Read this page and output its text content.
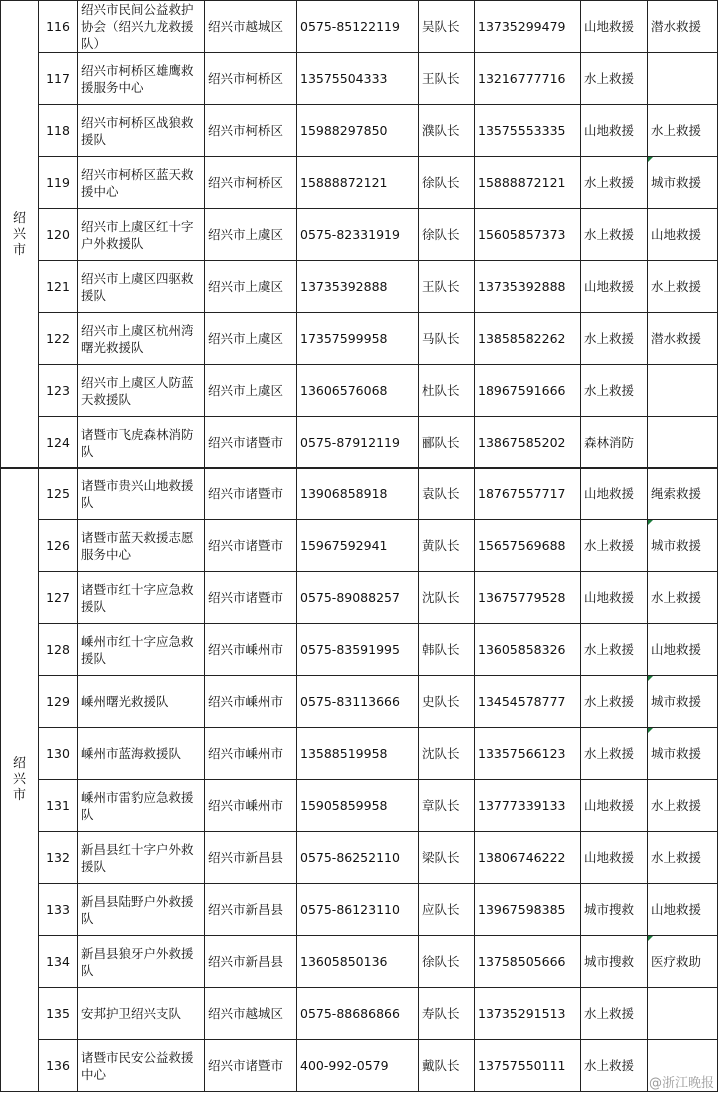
绍兴市	116	绍兴市民间公益救护协会（绍兴九龙救援队）	绍兴市越城区	0575-85122119	吴队长	13735299479	山地救援	潜水救援
	117	绍兴市柯桥区雄鹰救援服务中心	绍兴市柯桥区	13575504333	王队长	13216777716	水上救援	
	118	绍兴市柯桥区战狼救援队	绍兴市柯桥区	15988297850	濮队长	13575553335	山地救援	水上救援
	119	绍兴市柯桥区蓝天救援中心	绍兴市柯桥区	15888872121	徐队长	15888872121	水上救援	城市救援
	120	绍兴市上虞区红十字户外救援队	绍兴市上虞区	0575-82331919	徐队长	15605857373	水上救援	山地救援
	121	绍兴市上虞区四驱救援队	绍兴市上虞区	13735392888	王队长	13735392888	山地救援	水上救援
	122	绍兴市上虞区杭州湾曙光救援队	绍兴市上虞区	17357599958	马队长	13858582262	水上救援	潜水救援
	123	绍兴市上虞区人防蓝天救援队	绍兴市上虞区	13606576068	杜队长	18967591666	水上救援	
	124	诸暨市飞虎森林消防队	绍兴市诸暨市	0575-87912119	郦队长	13867585202	森林消防	
绍兴市	125	诸暨市贵兴山地救援队	绍兴市诸暨市	13906858918	袁队长	18767557717	山地救援	绳索救援
	126	诸暨市蓝天救援志愿服务中心	绍兴市诸暨市	15967592941	黄队长	15657569688	水上救援	城市救援
	127	诸暨市红十字应急救援队	绍兴市诸暨市	0575-89088257	沈队长	13675779528	山地救援	水上救援
	128	嵊州市红十字应急救援队	绍兴市嵊州市	0575-83591995	韩队长	13605858326	水上救援	山地救援
	129	嵊州曙光救援队	绍兴市嵊州市	0575-83113666	史队长	13454578777	水上救援	城市救援
	130	嵊州市蓝海救援队	绍兴市嵊州市	13588519958	沈队长	13357566123	水上救援	城市救援
	131	嵊州市雷豹应急救援队	绍兴市嵊州市	15905859958	章队长	13777339133	山地救援	水上救援
	132	新昌县红十字户外救援队	绍兴市新昌县	0575-86252110	梁队长	13806746222	山地救援	水上救援
	133	新昌县陆野户外救援队	绍兴市新昌县	0575-86123110	应队长	13967598385	城市搜救	山地救援
	134	新昌县狼牙户外救援队	绍兴市新昌县	13605850136	徐队长	13758505666	城市搜救	医疗救助
	135	安邦护卫绍兴支队	绍兴市越城区	0575-88686866	寿队长	13735291513	水上救援	
	136	诸暨市民安公益救援中心	绍兴市诸暨市	400-992-0579	戴队长	13757550111	水上救援	
@浙江晚报
